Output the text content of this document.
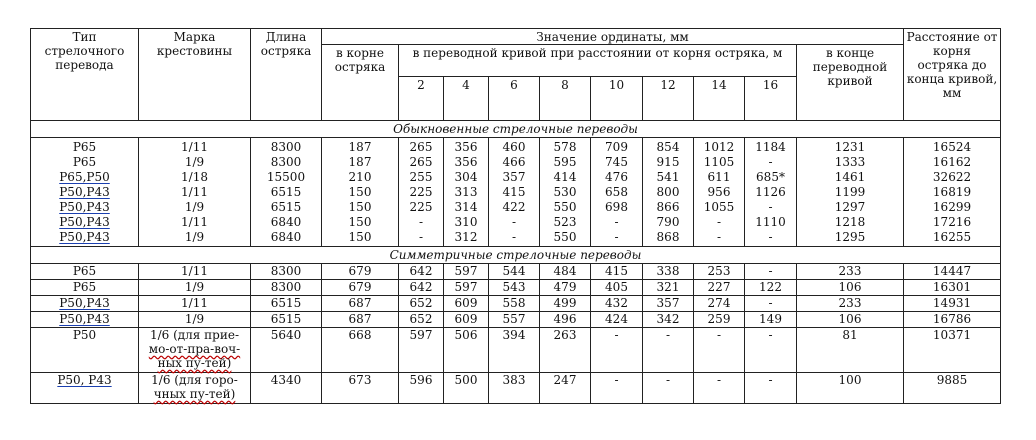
Тип стрелочного перевода	Марка крестовины	Длина остряка	Значение ординаты, мм										Расстояние от корня остряка до конца кривой, мм
			в корне остряка	в переводной кривой при расстоянии от корня остряка, м								в конце переводной кривой	
				2	4	6	8	10	12	14	16		
Обыкновенные стрелочные переводы													
Р65	1/11	8300	187	265	356	460	578	709	854	1012	1184	1231	16524
Р65	1/9	8300	187	265	356	466	595	745	915	1105	-	1333	16162
Р65,Р50	1/18	15500	210	255	304	357	414	476	541	611	685*	1461	32622
Р50,Р43	1/11	6515	150	225	313	415	530	658	800	956	1126	1199	16819
Р50,Р43	1/9	6515	150	225	314	422	550	698	866	1055	-	1297	16299
Р50,Р43	1/11	6840	150	-	310	-	523	-	790	-	1110	1218	17216
Р50,Р43	1/9	6840	150	-	312	-	550	-	868	-	-	1295	16255
Симметричные стрелочные переводы													
Р65	1/11	8300	679	642	597	544	484	415	338	253	-	233	14447
Р65	1/9	8300	679	642	597	543	479	405	321	227	122	106	16301
Р50,Р43	1/11	6515	687	652	609	558	499	432	357	274	-	233	14931
Р50,Р43	1/9	6515	687	652	609	557	496	424	342	259	149	106	16786
Р50	1/6 (для прие-
мо-от-пра-воч-
ных пу-тей)	5640	668	597	506	394	263	-	-	-	-	81	10371
Р50, Р43	1/6 (для горо-
чных пу-тей)	4340	673	596	500	383	247	-	-	-	-	100	9885
